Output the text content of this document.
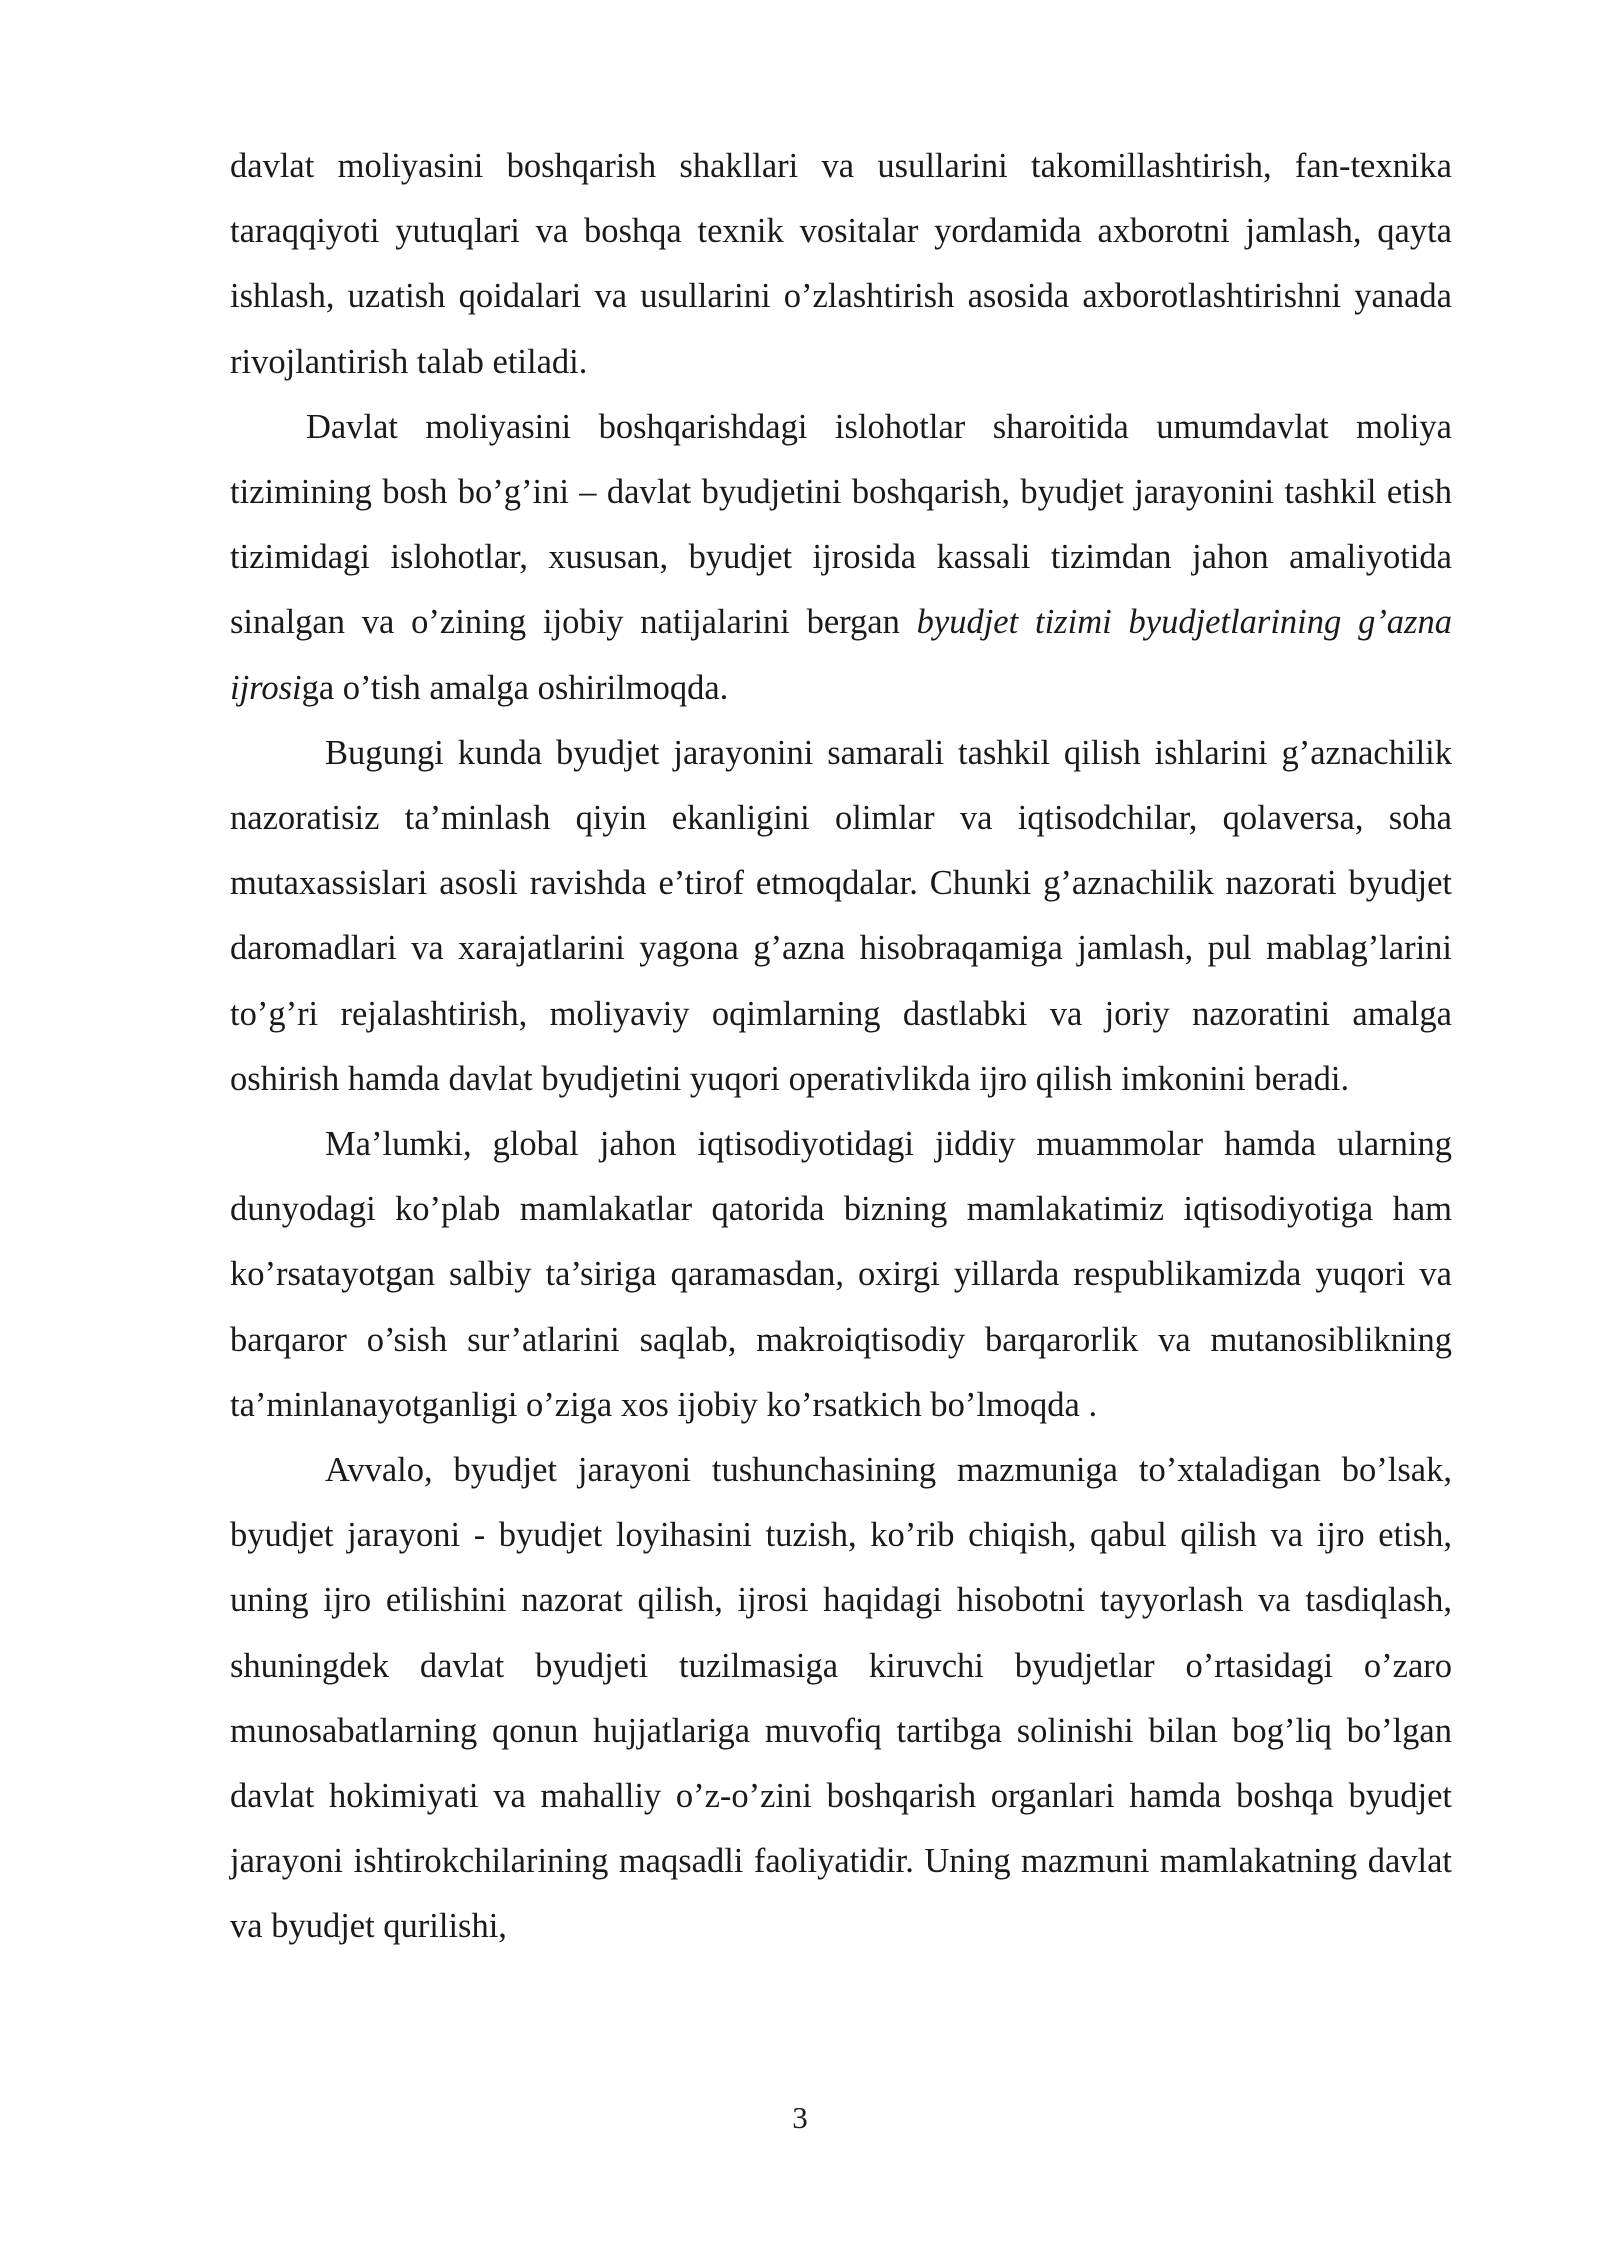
davlat moliyasini boshqarish shakllari va usullarini takomillashtirish, fan-texnika taraqqiyoti yutuqlari va boshqa texnik vositalar yordamida axborotni jamlash, qayta ishlash, uzatish qoidalari va usullarini o’zlashtirish asosida axborotlashtirishni yanada rivojlantirish talab etiladi.

Davlat moliyasini boshqarishdagi islohotlar sharoitida umumdavlat moliya tizimining bosh bo’g’ini – davlat byudjetini boshqarish, byudjet jarayonini tashkil etish tizimidagi islohotlar, xususan, byudjet ijrosida kassali tizimdan jahon amaliyotida sinalgan va o’zining ijobiy natijalarini bergan byudjet tizimi byudjetlarining g’azna ijrosiga o’tish amalga oshirilmoqda.

Bugungi kunda byudjet jarayonini samarali tashkil qilish ishlarini g’aznachilik nazoratisiz ta’minlash qiyin ekanligini olimlar va iqtisodchilar, qolaversa, soha mutaxassislari asosli ravishda e’tirof etmoqdalar. Chunki g’aznachilik nazorati byudjet daromadlari va xarajatlarini yagona g’azna hisobraqamiga jamlash, pul mablag’larini to’g’ri rejalashtirish, moliyaviy oqimlarning dastlabki va joriy nazoratini amalga oshirish hamda davlat byudjetini yuqori operativlikda ijro qilish imkonini beradi.

Ma’lumki, global jahon iqtisodiyotidagi jiddiy muammolar hamda ularning dunyodagi ko’plab mamlakatlar qatorida bizning mamlakatimiz iqtisodiyotiga ham ko’rsatayotgan salbiy ta’siriga qaramasdan, oxirgi yillarda respublikamizda yuqori va barqaror o’sish sur’atlarini saqlab, makroiqtisodiy barqarorlik va mutanosiblikning ta’minlanayotganligi o’ziga xos ijobiy ko’rsatkich bo’lmoqda .

Avvalo, byudjet jarayoni tushunchasining mazmuniga to’xtaladigan bo’lsak, byudjet jarayoni - byudjet loyihasini tuzish, ko’rib chiqish, qabul qilish va ijro etish, uning ijro etilishini nazorat qilish, ijrosi haqidagi hisobotni tayyorlash va tasdiqlash, shuningdek davlat byudjeti tuzilmasiga kiruvchi byudjetlar o’rtasidagi o’zaro munosabatlarning qonun hujjatlariga muvofiq tartibga solinishi bilan bog’liq bo’lgan davlat hokimiyati va mahalliy o’z-o’zini boshqarish organlari hamda boshqa byudjet jarayoni ishtirokchilarining maqsadli faoliyatidir. Uning mazmuni mamlakatning davlat va byudjet qurilishi,

3
